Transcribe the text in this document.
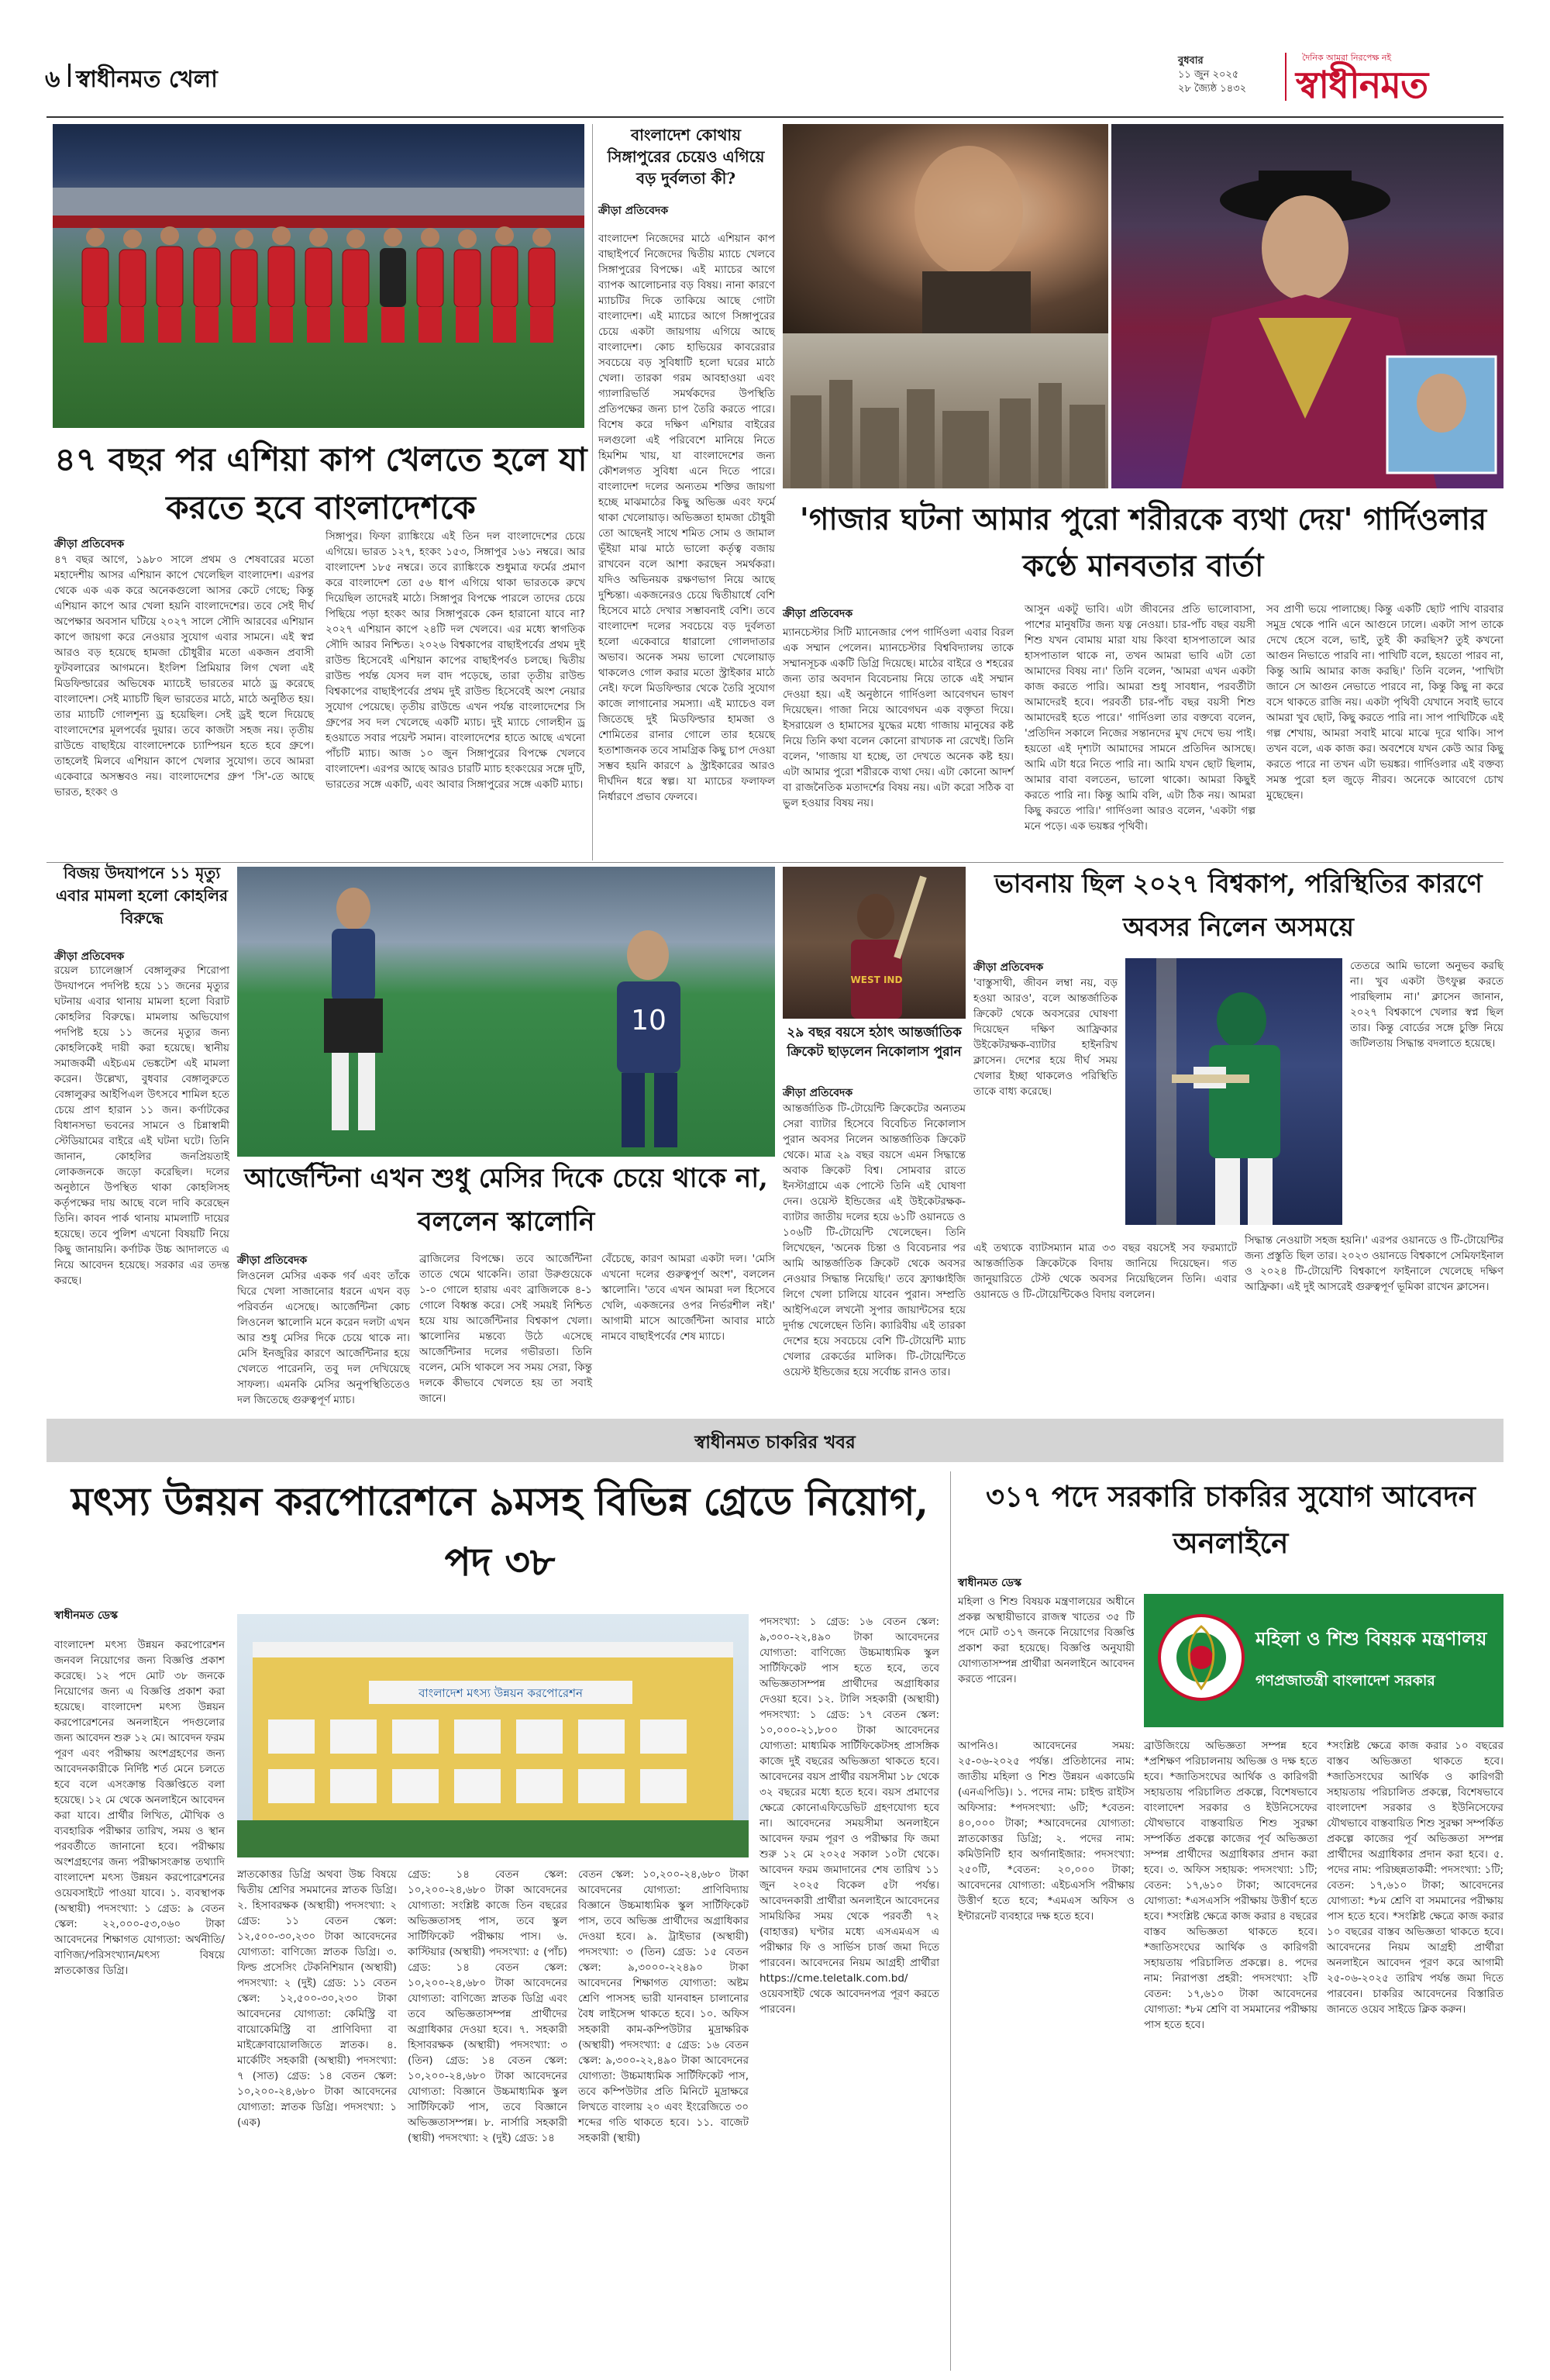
৬ স্বাধীনমত খেলা
বুধবার
১১ জুন ২০২৫
২৮ জ্যৈষ্ঠ ১৪৩২
দৈনিক আমরা নিরপেক্ষ নই
স্বাধীনমত
৪৭ বছর পর এশিয়া কাপ খেলতে হলে যা করতে হবে বাংলাদেশকে
ক্রীড়া প্রতিবেদক
৪৭ বছর আগে, ১৯৮০ সালে প্রথম ও শেষবারের মতো মহাদেশীয় আসর এশিয়ান কাপে খেলেছিল বাংলাদেশ। এরপর থেকে এক এক করে অনেকগুলো আসর কেটে গেছে; কিন্তু এশিয়ান কাপে আর খেলা হয়নি বাংলাদেশের। তবে সেই দীর্ঘ অপেক্ষার অবসান ঘটিয়ে ২০২৭ সালে সৌদি আরবের এশিয়ান কাপে জায়গা করে নেওয়ার সুযোগ এবার সামনে। এই স্বপ্ন আরও বড় হয়েছে হামজা চৌধুরীর মতো একজন প্রবাসী ফুটবলারের আগমনে। ইংলিশ প্রিমিয়ার লিগ খেলা এই মিডফিল্ডারের অভিষেক ম্যাচেই ভারতের মাঠে ড্র করেছে বাংলাদেশ। সেই ম্যাচটি ছিল ভারতের মাঠে, মাঠে অনুষ্ঠিত হয়। তার ম্যাচটি গোলশূন্য ড্র হয়েছিল। সেই ড্রই হুলে দিয়েছে বাংলাদেশের মূলপর্বের দুয়ার। তবে কাজটা সহজ নয়। তৃতীয় রাউন্ডে বাছাইয়ে বাংলাদেশকে চ্যাম্পিয়ন হতে হবে গ্রুপে। তাহলেই মিলবে এশিয়ান কাপে খেলার সুযোগ। তবে আমরা একেবারে অসম্ভবও নয়। বাংলাদেশের গ্রুপ 'সি'-তে আছে ভারত, হংকং ও
সিঙ্গাপুর। ফিফা র‍্যাঙ্কিংয়ে এই তিন দল বাংলাদেশের চেয়ে এগিয়ে। ভারত ১২৭, হংকং ১৫৩, সিঙ্গাপুর ১৬১ নম্বরে। আর বাংলাদেশ ১৮৫ নম্বরে। তবে র‍্যাঙ্কিংকে শুধুমাত্র ফর্মের প্রমাণ করে বাংলাদেশ তো ৫৬ ধাপ এগিয়ে থাকা ভারতকে রুখে দিয়েছিল তাদেরই মাঠে। সিঙ্গাপুর বিপক্ষে পারলে তাদের চেয়ে পিছিয়ে পড়া হংকং আর সিঙ্গাপুরকে কেন হারানো যাবে না? ২০২৭ এশিয়ান কাপে ২৪টি দল খেলবে। এর মধ্যে স্বাগতিক সৌদি আরব নিশ্চিত। ২০২৬ বিশ্বকাপের বাছাইপর্বের প্রথম দুই রাউন্ড হিসেবেই এশিয়ান কাপের বাছাইপর্বও চলছে। দ্বিতীয় রাউন্ড পর্যন্ত যেসব দল বাদ পড়েছে, তারা তৃতীয় রাউন্ড বিশ্বকাপের বাছাইপর্বের প্রথম দুই রাউন্ড হিসেবেই অংশ নেয়ার সুযোগ পেয়েছে। তৃতীয় রাউন্ডে এখন পর্যন্ত বাংলাদেশের সি গ্রুপের সব দল খেলেছে একটি ম্যাচ। দুই ম্যাচে গোলহীন ড্র হওয়াতে সবার পয়েন্ট সমান। বাংলাদেশের হাতে আছে এখনো পাঁচটি ম্যাচ। আজ ১০ জুন সিঙ্গাপুরের বিপক্ষে খেলবে বাংলাদেশ। এরপর আছে আরও চারটি ম্যাচ হংকংয়ের সঙ্গে দুটি, ভারতের সঙ্গে একটি, এবং আবার সিঙ্গাপুরের সঙ্গে একটি ম্যাচ।
বাংলাদেশ কোথায় সিঙ্গাপুরের চেয়েও এগিয়ে বড় দুর্বলতা কী?
ক্রীড়া প্রতিবেদক
বাংলাদেশ নিজেদের মাঠে এশিয়ান কাপ বাছাইপর্বে নিজেদের দ্বিতীয় ম্যাচে খেলবে সিঙ্গাপুরের বিপক্ষে। এই ম্যাচের আগে ব্যাপক আলোচনার বড় বিষয়। নানা কারণে ম্যাচটির দিকে তাকিয়ে আছে গোটা বাংলাদেশ। এই ম্যাচের আগে সিঙ্গাপুরের চেয়ে একটা জায়গায় এগিয়ে আছে বাংলাদেশ। কোচ হাভিয়ের কাবরেরার সবচেয়ে বড় সুবিধাটি হলো ঘরের মাঠে খেলা। তারকা গরম আবহাওয়া এবং গ্যালারিভর্তি সমর্থকদের উপস্থিতি প্রতিপক্ষের জন্য চাপ তৈরি করতে পারে। বিশেষ করে দক্ষিণ এশিয়ার বাইরের দলগুলো এই পরিবেশে মানিয়ে নিতে হিমশিম খায়, যা বাংলাদেশের জন্য কৌশলগত সুবিধা এনে দিতে পারে। বাংলাদেশ দলের অন্যতম শক্তির জায়গা হচ্ছে মাঝমাঠের কিছু অভিজ্ঞ এবং ফর্মে থাকা খেলোয়াড়। অভিজ্ঞতা হামজা চৌধুরী তো আছেনই সাথে শমিত সোম ও জামাল ভূঁইয়া মাঝ মাঠে ভালো কর্তৃত্ব বজায় রাখবেন বলে আশা করছেন সমর্থকরা। যদিও অভিনয়ক রক্ষণভাগ নিয়ে আছে দুশ্চিন্তা। একজনেরও চেয়ে দ্বিতীয়ার্ধে বেশি হিসেবে মাঠে দেখার সম্ভাবনাই বেশি। তবে বাংলাদেশ দলের সবচেয়ে বড় দুর্বলতা হলো একেবারে ধারালো গোলদাতার অভাব। অনেক সময় ভালো খেলোয়াড় থাকলেও গোল করার মতো স্ট্রাইকার মাঠে নেই। ফলে মিডফিল্ডার থেকে তৈরি সুযোগ কাজে লাগানোর সমস্যা। এই ম্যাচেও বল জিতেছে দুই মিডফিল্ডার হামজা ও শোমিতের রানার গোলে তার হয়েছে হতাশাজনক তবে সামগ্রিক কিছু চাপ দেওয়া সম্ভব হয়নি কারণে ৯ স্ট্রাইকারের আরও দীর্ঘদিন ধরে স্বল্প। যা ম্যাচের ফলাফল নির্ধারণে প্রভাব ফেলবে।
'গাজার ঘটনা আমার পুরো শরীরকে ব্যথা দেয়' গার্দিওলার কণ্ঠে মানবতার বার্তা
ক্রীড়া প্রতিবেদক
ম্যানচেস্টার সিটি ম্যানেজার পেপ গার্দিওলা এবার বিরল এক সম্মান পেলেন। ম্যানচেস্টার বিশ্ববিদ্যালয় তাকে সম্মানসূচক একটি ডিগ্রি দিয়েছে। মাঠের বাইরে ও শহরের জন্য তার অবদান বিবেচনায় নিয়ে তাকে এই সম্মান দেওয়া হয়। এই অনুষ্ঠানে গার্দিওলা আবেগঘন ভাষণ দিয়েছেন। গাজা নিয়ে আবেগঘন এক বক্তৃতা দিয়ে। ইসরায়েল ও হামাসের যুদ্ধের মধ্যে গাজায় মানুষের কষ্ট নিয়ে তিনি কথা বলেন কোনো রাখঢাক না রেখেই। তিনি বলেন, 'গাজায় যা হচ্ছে, তা দেখতে অনেক কষ্ট হয়। এটা আমার পুরো শরীরকে ব্যথা দেয়। এটা কোনো আদর্শ বা রাজনৈতিক মতাদর্শের বিষয় নয়। এটা করো সঠিক বা ভুল হওয়ার বিষয় নয়।
আসুন একটু ভাবি। এটা জীবনের প্রতি ভালোবাসা, পাশের মানুষটির জন্য যত্ন নেওয়া। চার-পাঁচ বছর বয়সী শিশু যখন বোমায় মারা যায় কিংবা হাসপাতালে আর হাসপাতাল থাকে না, তখন আমরা ভাবি এটা তো আমাদের বিষয় না।' তিনি বলেন, 'আমরা এখন একটা কাজ করতে পারি। আমরা শুধু সাবধান, পরবর্তীটা আমাদেরই হবে। পরবর্তী চার-পাঁচ বছর বয়সী শিশু আমাদেরই হতে পারে।' গার্দিওলা তার বক্তব্যে বলেন, 'প্রতিদিন সকালে নিজের সন্তানদের মুখ দেখে ভয় পাই। হয়তো এই দৃশ্যটা আমাদের সামনে প্রতিদিন আসছে। আমি এটা ধরে নিতে পারি না। আমি যখন ছোট ছিলাম, আমার বাবা বলতেন, ভালো থাকো। আমরা কিছুই করতে পারি না। কিন্তু আমি বলি, এটা ঠিক নয়। আমরা কিছু করতে পারি।' গার্দিওলা আরও বলেন, 'একটা গল্প মনে পড়ে। এক ভয়ঙ্কর পৃথিবী।
সব প্রাণী ভয়ে পালাচ্ছে। কিন্তু একটি ছোট পাখি বারবার সমুদ্র থেকে পানি এনে আগুনে ঢালে। একটা সাপ তাকে দেখে হেসে বলে, ভাই, তুই কী করছিস? তুই কখনো আগুন নিভাতে পারবি না। পাখিটি বলে, হয়তো পারব না, কিন্তু আমি আমার কাজ করছি।' তিনি বলেন, 'পাখিটা জানে সে আগুন নেভাতে পারবে না, কিন্তু কিছু না করে বসে থাকতে রাজি নয়। একটা পৃথিবী যেখানে সবাই ভাবে আমরা খুব ছোট, কিছু করতে পারি না। সাপ পাখিটিকে এই গল্প শেখায়, আমরা সবাই মাঝে মাঝে দূরে থাকি। সাপ তখন বলে, এক কাজ কর। অবশেষে যখন কেউ আর কিছু করতে পারে না তখন এটা ভয়ঙ্কর। গার্দিওলার এই বক্তব্য সমস্ত পুরো হল জুড়ে নীরব। অনেকে আবেগে চোখ মুছেছেন।
বিজয় উদযাপনে ১১ মৃত্যু এবার মামলা হলো কোহলির বিরুদ্ধে
ক্রীড়া প্রতিবেদক
রয়েল চ্যালেঞ্জার্স বেঙ্গালুরুর শিরোপা উদযাপনে পদপিষ্ট হয়ে ১১ জনের মৃত্যুর ঘটনায় এবার থানায় মামলা হলো বিরাট কোহলির বিরুদ্ধে। মামলায় অভিযোগ পদপিষ্ট হয়ে ১১ জনের মৃত্যুর জন্য কোহলিকেই দায়ী করা হয়েছে। স্থানীয় সমাজকর্মী এইচএম ভেঙ্কটেশ এই মামলা করেন। উল্লেখ্য, বুধবার বেঙ্গালুরুতে বেঙ্গালুরুর আইপিএল উৎসবে শামিল হতে চেয়ে প্রাণ হারান ১১ জন। কর্ণাটকের বিধানসভা ভবনের সামনে ও চিন্নাস্বামী স্টেডিয়ামের বাইরে এই ঘটনা ঘটে। তিনি জানান, কোহলির জনপ্রিয়তাই লোকজনকে জড়ো করেছিল। দলের অনুষ্ঠানে উপস্থিত থাকা কোহলিসহ কর্তৃপক্ষের দায় আছে বলে দাবি করেছেন তিনি। কাবন পার্ক থানায় মামলাটি দায়ের হয়েছে। তবে পুলিশ এখনো বিষয়টি নিয়ে কিছু জানায়নি। কর্ণাটক উচ্চ আদালতে এ নিয়ে আবেদন হয়েছে। সরকার এর তদন্ত করছে।
10
আর্জেন্টিনা এখন শুধু মেসির দিকে চেয়ে থাকে না, বললেন স্কালোনি
ক্রীড়া প্রতিবেদক
লিওনেল মেসির একক গর্ব এবং তাঁকে ঘিরে খেলা সাজানোর ধরনে এখন বড় পরিবর্তন এসেছে। আর্জেন্টিনা কোচ লিওনেল স্কালোনি মনে করেন দলটা এখন আর শুধু মেসির দিকে চেয়ে থাকে না। মেসি ইনজুরির কারণে আর্জেন্টিনার হয়ে খেলতে পারেননি, তবু দল দেখিয়েছে সাফল্য। এমনকি মেসির অনুপস্থিতিতেও দল জিতেছে গুরুত্বপূর্ণ ম্যাচ।
ব্রাজিলের বিপক্ষে। তবে আর্জেন্টিনা তাতে থেমে থাকেনি। তারা উরুগুয়েকে ১-০ গোলে হারায় এবং ব্রাজিলকে ৪-১ গোলে বিধ্বস্ত করে। সেই সময়ই নিশ্চিত হয়ে যায় আর্জেন্টিনার বিশ্বকাপ খেলা। স্কালোনির মন্তব্যে উঠে এসেছে আর্জেন্টিনার দলের গভীরতা। তিনি বলেন, মেসি থাকলে সব সময় সেরা, কিন্তু দলকে কীভাবে খেলতে হয় তা সবাই জানে।
বেঁচেছে, কারণ আমরা একটা দল। 'মেসি এখনো দলের গুরুত্বপূর্ণ অংশ', বললেন স্কালোনি। 'তবে এখন আমরা দল হিসেবে খেলি, একজনের ওপর নির্ভরশীল নই।' আগামী মাসে আর্জেন্টিনা আবার মাঠে নামবে বাছাইপর্বের শেষ ম্যাচে।
WEST IND
২৯ বছর বয়সে হঠাৎ আন্তর্জাতিক ক্রিকেট ছাড়লেন নিকোলাস পুরান
ক্রীড়া প্রতিবেদক
আন্তর্জাতিক টি-টোয়েন্টি ক্রিকেটের অন্যতম সেরা ব্যাটার হিসেবে বিবেচিত নিকোলাস পুরান অবসর নিলেন আন্তর্জাতিক ক্রিকেট থেকে। মাত্র ২৯ বছর বয়সে এমন সিদ্ধান্তে অবাক ক্রিকেট বিশ্ব। সোমবার রাতে ইনস্টাগ্রামে এক পোস্টে তিনি এই ঘোষণা দেন। ওয়েস্ট ইন্ডিজের এই উইকেটরক্ষক-ব্যাটার জাতীয় দলের হয়ে ৬১টি ওয়ানডে ও ১০৬টি টি-টোয়েন্টি খেলেছেন। তিনি লিখেছেন, 'অনেক চিন্তা ও বিবেচনার পর আমি আন্তর্জাতিক ক্রিকেট থেকে অবসর নেওয়ার সিদ্ধান্ত নিয়েছি।' তবে ফ্র্যাঞ্চাইজি লিগে খেলা চালিয়ে যাবেন পুরান। সম্প্রতি আইপিএলে লখনৌ সুপার জায়ান্টসের হয়ে দুর্দান্ত খেলেছেন তিনি। ক্যারিবীয় এই তারকা দেশের হয়ে সবচেয়ে বেশি টি-টোয়েন্টি ম্যাচ খেলার রেকর্ডের মালিক। টি-টোয়েন্টিতে ওয়েস্ট ইন্ডিজের হয়ে সর্বোচ্চ রানও তার।
ভাবনায় ছিল ২০২৭ বিশ্বকাপ, পরিস্থিতির কারণে অবসর নিলেন অসময়ে
ক্রীড়া প্রতিবেদক
'বাস্তুসাথী, জীবন লম্বা নয়, বড় হওয়া আরও', বলে আন্তর্জাতিক ক্রিকেট থেকে অবসরের ঘোষণা দিয়েছেন দক্ষিণ আফ্রিকার উইকেটরক্ষক-ব্যাটার হাইনরিখ ক্লাসেন। দেশের হয়ে দীর্ঘ সময় খেলার ইচ্ছা থাকলেও পরিস্থিতি তাকে বাধ্য করেছে।
তেতরে আমি ভালো অনুভব করছি না। খুব একটা উৎফুল্ল করতে পারছিলাম না।' ক্লাসেন জানান, ২০২৭ বিশ্বকাপে খেলার স্বপ্ন ছিল তার। কিন্তু বোর্ডের সঙ্গে চুক্তি নিয়ে জটিলতায় সিদ্ধান্ত বদলাতে হয়েছে।
এই তথ্যকে ব্যাটসম্যান মাত্র ৩৩ বছর বয়সেই সব ফরম্যাটে আন্তর্জাতিক ক্রিকেটকে বিদায় জানিয়ে দিয়েছেন। গত জানুয়ারিতে টেস্ট থেকে অবসর নিয়েছিলেন তিনি। এবার ওয়ানডে ও টি-টোয়েন্টিকেও বিদায় বললেন।
সিদ্ধান্ত নেওয়াটা সহজ হয়নি।' এরপর ওয়ানডে ও টি-টোয়েন্টির জন্য প্রস্তুতি ছিল তার। ২০২৩ ওয়ানডে বিশ্বকাপে সেমিফাইনাল ও ২০২৪ টি-টোয়েন্টি বিশ্বকাপে ফাইনালে খেলেছে দক্ষিণ আফ্রিকা। এই দুই আসরেই গুরুত্বপূর্ণ ভূমিকা রাখেন ক্লাসেন।
স্বাধীনমত চাকরির খবর
মৎস্য উন্নয়ন করপোরেশনে ৯মসহ বিভিন্ন গ্রেডে নিয়োগ, পদ ৩৮
স্বাধীনমত ডেস্ক
বাংলাদেশ মৎস্য উন্নয়ন করপোরেশন জনবল নিয়োগের জন্য বিজ্ঞপ্তি প্রকাশ করেছে। ১২ পদে মোট ৩৮ জনকে নিয়োগের জন্য এ বিজ্ঞপ্তি প্রকাশ করা হয়েছে। বাংলাদেশ মৎস্য উন্নয়ন করপোরেশনের অনলাইনে পদগুলোর জন্য আবেদন শুরু ১২ মে। আবেদন ফরম পূরণ এবং পরীক্ষায় অংশগ্রহণের জন্য আবেদনকারীকে নির্দিষ্ট শর্ত মেনে চলতে হবে বলে এসংক্রান্ত বিজ্ঞপ্তিতে বলা হয়েছে। ১২ মে থেকে অনলাইনে আবেদন করা যাবে। প্রার্থীর লিখিত, মৌখিক ও ব্যবহারিক পরীক্ষার তারিখ, সময় ও স্থান পরবর্তীতে জানানো হবে। পরীক্ষায় অংশগ্রহণের জন্য পরীক্ষাসংক্রান্ত তথ্যাদি বাংলাদেশ মৎস্য উন্নয়ন করপোরেশনের ওয়েবসাইটে পাওয়া যাবে। ১. ব্যবস্থাপক (অস্থায়ী) পদসংখ্যা: ১ গ্রেড: ৯ বেতন স্কেল: ২২,০০০-৫৩,০৬০ টাকা আবেদনের শিক্ষাগত যোগ্যতা: অর্থনীতি/বাণিজ্য/পরিসংখ্যান/মৎস্য বিষয়ে স্নাতকোত্তর ডিগ্রি।
বাংলাদেশ মৎস্য উন্নয়ন করপোরেশন
স্নাতকোত্তর ডিগ্রি অথবা উচ্চ বিষয়ে দ্বিতীয় শ্রেণির সমমানের স্নাতক ডিগ্রি। ২. হিসাবরক্ষক (অস্থায়ী) পদসংখ্যা: ২ গ্রেড: ১১ বেতন স্কেল: ১২,৫০০-৩০,২৩০ টাকা আবেদনের যোগ্যতা: বাণিজ্যে স্নাতক ডিগ্রি। ৩. ফিল্ড প্রসেসিং টেকনিশিয়ান (অস্থায়ী) পদসংখ্যা: ২ (দুই) গ্রেড: ১১ বেতন স্কেল: ১২,৫০০-৩০,২৩০ টাকা আবেদনের যোগ্যতা: কেমিস্ট্রি বা বায়োকেমিস্ট্রি বা প্রাণিবিদ্যা বা মাইক্রোবায়োলজিতে স্নাতক। ৪. মার্কেটিং সহকারী (অস্থায়ী) পদসংখ্যা: ৭ (সাত) গ্রেড: ১৪ বেতন স্কেল: ১০,২০০-২৪,৬৮০ টাকা আবেদনের যোগ্যতা: স্নাতক ডিগ্রি। পদসংখ্যা: ১ (এক)
গ্রেড: ১৪ বেতন স্কেল: ১০,২০০-২৪,৬৮০ টাকা আবেদনের যোগ্যতা: সংশ্লিষ্ট কাজে তিন বছরের অভিজ্ঞতাসহ পাস, তবে স্কুল সার্টিফিকেট পরীক্ষায় পাস। ৬. কাস্টিয়ার (অস্থায়ী) পদসংখ্যা: ৫ (পাঁচ) গ্রেড: ১৪ বেতন স্কেল: ১০,২০০-২৪,৬৮০ টাকা আবেদনের যোগ্যতা: বাণিজ্যে স্নাতক ডিগ্রি এবং তবে অভিজ্ঞতাসম্পন্ন প্রার্থীদের অগ্রাধিকার দেওয়া হবে। ৭. সহকারী হিসাবরক্ষক (অস্থায়ী) পদসংখ্যা: ৩ (তিন) গ্রেড: ১৪ বেতন স্কেল: ১০,২০০-২৪,৬৮০ টাকা আবেদনের যোগ্যতা: বিজ্ঞানে উচ্চমাধ্যমিক স্কুল সার্টিফিকেট পাস, তবে বিজ্ঞানে অভিজ্ঞতাসম্পন্ন। ৮. নার্সারি সহকারী (স্থায়ী) পদসংখ্যা: ২ (দুই) গ্রেড: ১৪
বেতন স্কেল: ১০,২০০-২৪,৬৮০ টাকা আবেদনের যোগ্যতা: প্রাণিবিদ্যায় বিজ্ঞানে উচ্চমাধ্যমিক স্কুল সার্টিফিকেট পাস, তবে অভিজ্ঞ প্রার্থীদের অগ্রাধিকার দেওয়া হবে। ৯. ট্রাইভার (অস্থায়ী) পদসংখ্যা: ৩ (তিন) গ্রেড: ১৫ বেতন স্কেল: ৯,৩০০০-২২৪৯০ টাকা আবেদনের শিক্ষাগত যোগ্যতা: অষ্টম শ্রেণি পাসসহ ভারী যানবাহন চালানোর বৈধ লাইসেন্স থাকতে হবে। ১০. অফিস সহকারী কাম-কম্পিউটার মুদ্রাক্ষরিক (অস্থায়ী) পদসংখ্যা: ৫ গ্রেড: ১৬ বেতন স্কেল: ৯,৩০০-২২,৪৯০ টাকা আবেদনের যোগ্যতা: উচ্চমাধ্যমিক সার্টিফিকেট পাস, তবে কম্পিউটার প্রতি মিনিটে মুদ্রাক্ষরে লিখতে বাংলায় ২০ এবং ইংরেজিতে ৩০ শব্দের গতি থাকতে হবে। ১১. বাজেট সহকারী (স্থায়ী)
পদসংখ্যা: ১ গ্রেড: ১৬ বেতন স্কেল: ৯,৩০০-২২,৪৯০ টাকা আবেদনের যোগ্যতা: বাণিজ্যে উচ্চমাধ্যমিক স্কুল সার্টিফিকেট পাস হতে হবে, তবে অভিজ্ঞতাসম্পন্ন প্রার্থীদের অগ্রাধিকার দেওয়া হবে। ১২. টালি সহকারী (অস্থায়ী) পদসংখ্যা: ১ গ্রেড: ১৭ বেতন স্কেল: ১০,০০০-২১,৮০০ টাকা আবেদনের যোগ্যতা: মাধ্যমিক সার্টিফিকেটসহ প্রাসঙ্গিক কাজে দুই বছরের অভিজ্ঞতা থাকতে হবে। আবেদনের বয়স প্রার্থীর বয়সসীমা ১৮ থেকে ৩২ বছরের মধ্যে হতে হবে। বয়স প্রমাণের ক্ষেত্রে কোনোএফিডেভিট গ্রহণযোগ্য হবে না। আবেদনের সময়সীমা অনলাইনে আবেদন ফরম পূরণ ও পরীক্ষার ফি জমা শুরু ১২ মে ২০২৫ সকাল ১০টা থেকে। আবেদন ফরম জমাদানের শেষ তারিখ ১১ জুন ২০২৫ বিকেল ৫টা পর্যন্ত। আবেদনকারী প্রার্থীরা অনলাইনে আবেদনের সাময়িকির সময় থেকে পরবর্তী ৭২ (বাহাত্তর) ঘণ্টার মধ্যে এসএমএস এ পরীক্ষার ফি ও সার্ভিস চার্জ জমা দিতে পারবেন। আবেদনের নিয়ম আগ্রহী প্রার্থীরা https://cme.teletalk.com.bd/ ওয়েবসাইট থেকে আবেদনপত্র পূরণ করতে পারবেন।
৩১৭ পদে সরকারি চাকরির সুযোগ আবেদন অনলাইনে
স্বাধীনমত ডেস্ক
মহিলা ও শিশু বিষয়ক মন্ত্রণালয়ের অধীনে প্রকল্প অস্থায়ীভাবে রাজস্ব খাতের ৩৫ টি পদে মোট ৩১৭ জনকে নিয়োগের বিজ্ঞপ্তি প্রকাশ করা হয়েছে। বিজ্ঞপ্তি অনুযায়ী যোগ্যতাসম্পন্ন প্রার্থীরা অনলাইনে আবেদন করতে পারেন।
মহিলা ও শিশু বিষয়ক মন্ত্রণালয়
গণপ্রজাতন্ত্রী বাংলাদেশ সরকার
আপনিও। আবেদনের সময়: ২৫-০৬-২০২৫ পর্যন্ত। প্রতিষ্ঠানের নাম: জাতীয় মহিলা ও শিশু উন্নয়ন একাডেমি (এনএপিডি)। ১. পদের নাম: চাইল্ড রাইটস অফিসার: *পদসংখ্যা: ৬টি; *বেতন: ৪০,০০০ টাকা; *আবেদনের যোগ্যতা: স্নাতকোত্তর ডিগ্রি; ২. পদের নাম: কমিউনিটি হাব অর্গানাইজার: পদসংখ্যা: ২৫০টি, *বেতন: ২০,০০০ টাকা; আবেদনের যোগ্যতা: এইচএসসি পরীক্ষায় উত্তীর্ণ হতে হবে; *এমএস অফিস ও ইন্টারনেট ব্যবহারে দক্ষ হতে হবে।
ব্রাউজিংয়ে অভিজ্ঞতা সম্পন্ন হবে *প্রশিক্ষণ পরিচালনায় অভিজ্ঞ ও দক্ষ হতে হবে। *জাতিসংঘের আর্থিক ও কারিগরী সহায়তায় পরিচালিত প্রকল্পে, বিশেষভাবে বাংলাদেশ সরকার ও ইউনিসেফের যৌথভাবে বাস্তবায়িত শিশু সুরক্ষা সম্পর্কিত প্রকল্পে কাজের পূর্ব অভিজ্ঞতা সম্পন্ন প্রার্থীদের অগ্রাধিকার প্রদান করা হবে। ৩. অফিস সহায়ক: পদসংখ্যা: ১টি; বেতন: ১৭,৬১০ টাকা; আবেদনের যোগ্যতা: *এসএসসি পরীক্ষায় উত্তীর্ণ হতে হবে। *সংশ্লিষ্ট ক্ষেত্রে কাজ করার ৪ বছরের বাস্তব অভিজ্ঞতা থাকতে হবে। *জাতিসংঘের আর্থিক ও কারিগরী সহায়তায় পরিচালিত প্রকল্পে। ৪. পদের নাম: নিরাপত্তা প্রহরী: পদসংখ্যা: ২টি বেতন: ১৭,৬১০ টাকা আবেদনের যোগ্যতা: *৮ম শ্রেণি বা সমমানের পরীক্ষায় পাস হতে হবে।
*সংশ্লিষ্ট ক্ষেত্রে কাজ করার ১০ বছরের বাস্তব অভিজ্ঞতা থাকতে হবে। *জাতিসংঘের আর্থিক ও কারিগরী সহায়তায় পরিচালিত প্রকল্পে, বিশেষভাবে বাংলাদেশ সরকার ও ইউনিসেফের যৌথভাবে বাস্তবায়িত শিশু সুরক্ষা সম্পর্কিত প্রকল্পে কাজের পূর্ব অভিজ্ঞতা সম্পন্ন প্রার্থীদের অগ্রাধিকার প্রদান করা হবে। ৫. পদের নাম: পরিচ্ছন্নতাকর্মী: পদসংখ্যা: ১টি; বেতন: ১৭,৬১০ টাকা; আবেদনের যোগ্যতা: *৮ম শ্রেণি বা সমমানের পরীক্ষায় পাস হতে হবে। *সংশ্লিষ্ট ক্ষেত্রে কাজ করার ১০ বছরের বাস্তব অভিজ্ঞতা থাকতে হবে। আবেদনের নিয়ম আগ্রহী প্রার্থীরা অনলাইনে আবেদন পূরণ করে আগামী ২৫-০৬-২০২৫ তারিখ পর্যন্ত জমা দিতে পারবেন। চাকরির আবেদনের বিস্তারিত জানতে ওয়েব সাইডে ক্লিক করুন।
